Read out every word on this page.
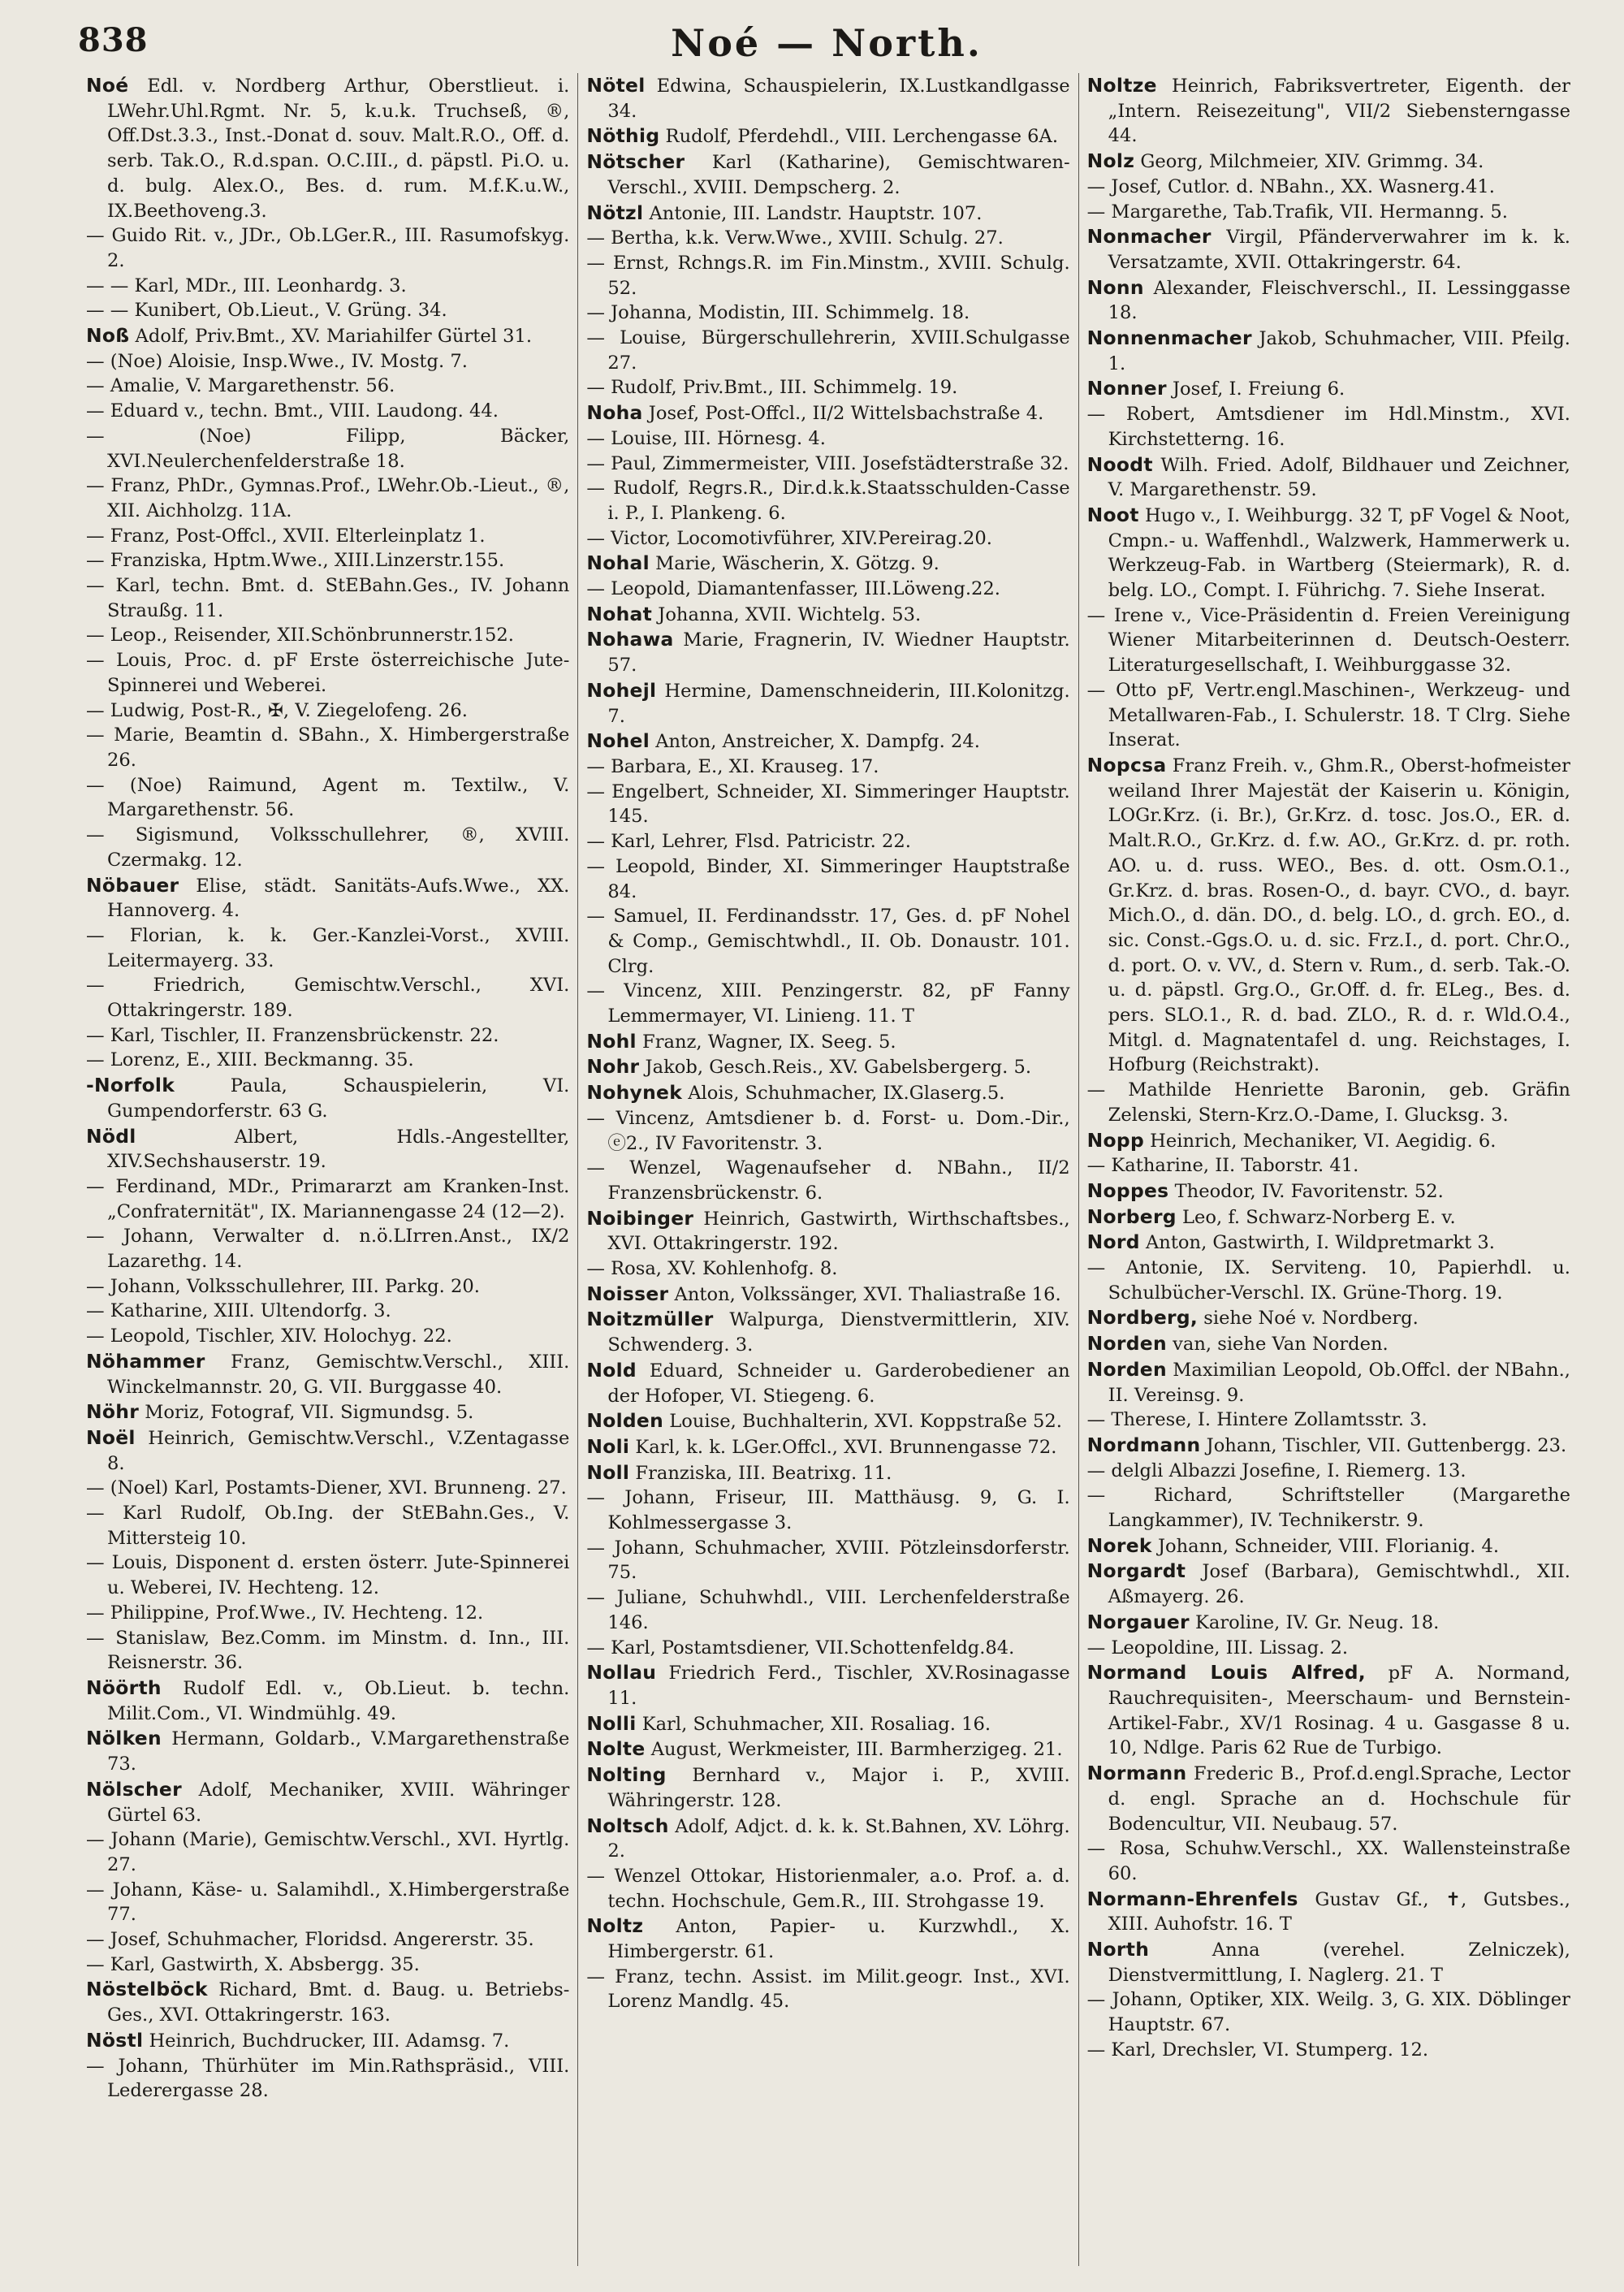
838	Noé — North.

Noé Edl. v. Nordberg Arthur, Oberstlieut. i. LWehr.Uhl.Rgmt. Nr. 5, k.u.k. Truchseß, ®, Off.Dst.3.3., Inst.-Donat d. souv. Malt.R.O., Off. d. serb. Tak.O., R.d.span. O.C.III., d. päpstl. Pi.O. u. d. bulg. Alex.O., Bes. d. rum. M.f.K.u.W., IX.Beethoveng.3.

— Guido Rit. v., JDr., Ob.LGer.R., III. Rasumofskyg. 2.

— — Karl, MDr., III. Leonhardg. 3.

— — Kunibert, Ob.Lieut., V. Grüng. 34.

Noß Adolf, Priv.Bmt., XV. Mariahilfer Gürtel 31.

— (Noe) Aloisie, Insp.Wwe., IV. Mostg. 7.

— Amalie, V. Margarethenstr. 56.

— Eduard v., techn. Bmt., VIII. Laudong. 44.

— (Noe) Filipp, Bäcker, XVI.Neulerchenfelderstraße 18.

— Franz, PhDr., Gymnas.Prof., LWehr.Ob.-Lieut., ®, XII. Aichholzg. 11A.

— Franz, Post-Offcl., XVII. Elterleinplatz 1.

— Franziska, Hptm.Wwe., XIII.Linzerstr.155.

— Karl, techn. Bmt. d. StEBahn.Ges., IV. Johann Straußg. 11.

— Leop., Reisender, XII.Schönbrunnerstr.152.

— Louis, Proc. d. pF Erste österreichische Jute-Spinnerei und Weberei.

— Ludwig, Post-R., ✠, V. Ziegelofeng. 26.

— Marie, Beamtin d. SBahn., X. Himbergerstraße 26.

— (Noe) Raimund, Agent m. Textilw., V. Margarethenstr. 56.

— Sigismund, Volksschullehrer, ®, XVIII. Czermakg. 12.

Nöbauer Elise, städt. Sanitäts-Aufs.Wwe., XX. Hannoverg. 4.

— Florian, k. k. Ger.-Kanzlei-Vorst., XVIII. Leitermayerg. 33.

— Friedrich, Gemischtw.Verschl., XVI. Ottakringerstr. 189.

— Karl, Tischler, II. Franzensbrückenstr. 22.

— Lorenz, E., XIII. Beckmanng. 35.

-Norfolk Paula, Schauspielerin, VI. Gumpendorferstr. 63 G.

Nödl Albert, Hdls.-Angestellter, XIV.Sechshauserstr. 19.

— Ferdinand, MDr., Primararzt am Kranken-Inst. „Confraternität", IX. Mariannengasse 24 (12—2).

— Johann, Verwalter d. n.ö.LIrren.Anst., IX/2 Lazarethg. 14.

— Johann, Volksschullehrer, III. Parkg. 20.

— Katharine, XIII. Ultendorfg. 3.

— Leopold, Tischler, XIV. Holochyg. 22.

Nöhammer Franz, Gemischtw.Verschl., XIII. Winckelmannstr. 20, G. VII. Burggasse 40.

Nöhr Moriz, Fotograf, VII. Sigmundsg. 5.

Noël Heinrich, Gemischtw.Verschl., V.Zentagasse 8.

— (Noel) Karl, Postamts-Diener, XVI. Brunneng. 27.

— Karl Rudolf, Ob.Ing. der StEBahn.Ges., V. Mittersteig 10.

— Louis, Disponent d. ersten österr. Jute-Spinnerei u. Weberei, IV. Hechteng. 12.

— Philippine, Prof.Wwe., IV. Hechteng. 12.

— Stanislaw, Bez.Comm. im Minstm. d. Inn., III. Reisnerstr. 36.

Nöörth Rudolf Edl. v., Ob.Lieut. b. techn. Milit.Com., VI. Windmühlg. 49.

Nölken Hermann, Goldarb., V.Margarethenstraße 73.

Nölscher Adolf, Mechaniker, XVIII. Währinger Gürtel 63.

— Johann (Marie), Gemischtw.Verschl., XVI. Hyrtlg. 27.

— Johann, Käse- u. Salamihdl., X.Himbergerstraße 77.

— Josef, Schuhmacher, Floridsd. Angererstr. 35.

— Karl, Gastwirth, X. Absbergg. 35.

Nöstelböck Richard, Bmt. d. Baug. u. Betriebs-Ges., XVI. Ottakringerstr. 163.

Nöstl Heinrich, Buchdrucker, III. Adamsg. 7.

— Johann, Thürhüter im Min.Rathspräsid., VIII. Lederergasse 28.

Nötel Edwina, Schauspielerin, IX.Lustkandlgasse 34.

Nöthig Rudolf, Pferdehdl., VIII. Lerchengasse 6A.

Nötscher Karl (Katharine), Gemischtwaren-Verschl., XVIII. Dempscherg. 2.

Nötzl Antonie, III. Landstr. Hauptstr. 107.

— Bertha, k.k. Verw.Wwe., XVIII. Schulg. 27.

— Ernst, Rchngs.R. im Fin.Minstm., XVIII. Schulg. 52.

— Johanna, Modistin, III. Schimmelg. 18.

— Louise, Bürgerschullehrerin, XVIII.Schulgasse 27.

— Rudolf, Priv.Bmt., III. Schimmelg. 19.

Noha Josef, Post-Offcl., II/2 Wittelsbachstraße 4.

— Louise, III. Hörnesg. 4.

— Paul, Zimmermeister, VIII. Josefstädterstraße 32.

— Rudolf, Regrs.R., Dir.d.k.k.Staatsschulden-Casse i. P., I. Plankeng. 6.

— Victor, Locomotivführer, XIV.Pereirag.20.

Nohal Marie, Wäscherin, X. Götzg. 9.

— Leopold, Diamantenfasser, III.Löweng.22.

Nohat Johanna, XVII. Wichtelg. 53.

Nohawa Marie, Fragnerin, IV. Wiedner Hauptstr. 57.

Nohejl Hermine, Damenschneiderin, III.Kolonitzg. 7.

Nohel Anton, Anstreicher, X. Dampfg. 24.

— Barbara, E., XI. Krauseg. 17.

— Engelbert, Schneider, XI. Simmeringer Hauptstr. 145.

— Karl, Lehrer, Flsd. Patricistr. 22.

— Leopold, Binder, XI. Simmeringer Hauptstraße 84.

— Samuel, II. Ferdinandsstr. 17, Ges. d. pF Nohel & Comp., Gemischtwhdl., II. Ob. Donaustr. 101. Clrg.

— Vincenz, XIII. Penzingerstr. 82, pF Fanny Lemmermayer, VI. Linieng. 11. T

Nohl Franz, Wagner, IX. Seeg. 5.

Nohr Jakob, Gesch.Reis., XV. Gabelsbergerg. 5.

Nohynek Alois, Schuhmacher, IX.Glaserg.5.

— Vincenz, Amtsdiener b. d. Forst- u. Dom.-Dir., ⓔ2., IV Favoritenstr. 3.

— Wenzel, Wagenaufseher d. NBahn., II/2 Franzensbrückenstr. 6.

Noibinger Heinrich, Gastwirth, Wirthschaftsbes., XVI. Ottakringerstr. 192.

— Rosa, XV. Kohlenhofg. 8.

Noisser Anton, Volkssänger, XVI. Thaliastraße 16.

Noitzmüller Walpurga, Dienstvermittlerin, XIV. Schwenderg. 3.

Nold Eduard, Schneider u. Garderobediener an der Hofoper, VI. Stiegeng. 6.

Nolden Louise, Buchhalterin, XVI. Koppstraße 52.

Noli Karl, k. k. LGer.Offcl., XVI. Brunnengasse 72.

Noll Franziska, III. Beatrixg. 11.

— Johann, Friseur, III. Matthäusg. 9, G. I. Kohlmessergasse 3.

— Johann, Schuhmacher, XVIII. Pötzleinsdorferstr. 75.

— Juliane, Schuhwhdl., VIII. Lerchenfelderstraße 146.

— Karl, Postamtsdiener, VII.Schottenfeldg.84.

Nollau Friedrich Ferd., Tischler, XV.Rosinagasse 11.

Nolli Karl, Schuhmacher, XII. Rosaliag. 16.

Nolte August, Werkmeister, III. Barmherzigeg. 21.

Nolting Bernhard v., Major i. P., XVIII. Währingerstr. 128.

Noltsch Adolf, Adjct. d. k. k. St.Bahnen, XV. Löhrg. 2.

— Wenzel Ottokar, Historienmaler, a.o. Prof. a. d. techn. Hochschule, Gem.R., III. Strohgasse 19.

Noltz Anton, Papier- u. Kurzwhdl., X. Himbergerstr. 61.

— Franz, techn. Assist. im Milit.geogr. Inst., XVI. Lorenz Mandlg. 45.

Noltze Heinrich, Fabriksvertreter, Eigenth. der „Intern. Reisezeitung", VII/2 Siebensterngasse 44.

Nolz Georg, Milchmeier, XIV. Grimmg. 34.

— Josef, Cutlor. d. NBahn., XX. Wasnerg.41.

— Margarethe, Tab.Trafik, VII. Hermanng. 5.

Nonmacher Virgil, Pfänderverwahrer im k. k. Versatzamte, XVII. Ottakringerstr. 64.

Nonn Alexander, Fleischverschl., II. Lessinggasse 18.

Nonnenmacher Jakob, Schuhmacher, VIII. Pfeilg. 1.

Nonner Josef, I. Freiung 6.

— Robert, Amtsdiener im Hdl.Minstm., XVI. Kirchstetterng. 16.

Noodt Wilh. Fried. Adolf, Bildhauer und Zeichner, V. Margarethenstr. 59.

Noot Hugo v., I. Weihburgg. 32 T, pF Vogel & Noot, Cmpn.- u. Waffenhdl., Walzwerk, Hammerwerk u. Werkzeug-Fab. in Wartberg (Steiermark), R. d. belg. LO., Compt. I. Führichg. 7. Siehe Inserat.

— Irene v., Vice-Präsidentin d. Freien Vereinigung Wiener Mitarbeiterinnen d. Deutsch-Oesterr. Literaturgesellschaft, I. Weihburggasse 32.

— Otto pF, Vertr.engl.Maschinen-, Werkzeug- und Metallwaren-Fab., I. Schulerstr. 18. T Clrg. Siehe Inserat.

Nopcsa Franz Freih. v., Ghm.R., Oberst-hofmeister weiland Ihrer Majestät der Kaiserin u. Königin, LOGr.Krz. (i. Br.), Gr.Krz. d. tosc. Jos.O., ER. d. Malt.R.O., Gr.Krz. d. f.w. AO., Gr.Krz. d. pr. roth. AO. u. d. russ. WEO., Bes. d. ott. Osm.O.1., Gr.Krz. d. bras. Rosen-O., d. bayr. CVO., d. bayr. Mich.O., d. dän. DO., d. belg. LO., d. grch. EO., d. sic. Const.-Ggs.O. u. d. sic. Frz.I., d. port. Chr.O., d. port. O. v. VV., d. Stern v. Rum., d. serb. Tak.-O. u. d. päpstl. Grg.O., Gr.Off. d. fr. ELeg., Bes. d. pers. SLO.1., R. d. bad. ZLO., R. d. r. Wld.O.4., Mitgl. d. Magnatentafel d. ung. Reichstages, I. Hofburg (Reichstrakt).

— Mathilde Henriette Baronin, geb. Gräfin Zelenski, Stern-Krz.O.-Dame, I. Glucksg. 3.

Nopp Heinrich, Mechaniker, VI. Aegidig. 6.

— Katharine, II. Taborstr. 41.

Noppes Theodor, IV. Favoritenstr. 52.

Norberg Leo, f. Schwarz-Norberg E. v.

Nord Anton, Gastwirth, I. Wildpretmarkt 3.

— Antonie, IX. Serviteng. 10, Papierhdl. u. Schulbücher-Verschl. IX. Grüne-Thorg. 19.

Nordberg, siehe Noé v. Nordberg.

Norden van, siehe Van Norden.

Norden Maximilian Leopold, Ob.Offcl. der NBahn., II. Vereinsg. 9.

— Therese, I. Hintere Zollamtsstr. 3.

Nordmann Johann, Tischler, VII. Guttenbergg. 23.

— delgli Albazzi Josefine, I. Riemerg. 13.

— Richard, Schriftsteller (Margarethe Langkammer), IV. Technikerstr. 9.

Norek Johann, Schneider, VIII. Florianig. 4.

Norgardt Josef (Barbara), Gemischtwhdl., XII. Aßmayerg. 26.

Norgauer Karoline, IV. Gr. Neug. 18.

— Leopoldine, III. Lissag. 2.

Normand Louis Alfred, pF A. Normand, Rauchrequisiten-, Meerschaum- und Bernstein-Artikel-Fabr., XV/1 Rosinag. 4 u. Gasgasse 8 u. 10, Ndlge. Paris 62 Rue de Turbigo.

Normann Frederic B., Prof.d.engl.Sprache, Lector d. engl. Sprache an d. Hochschule für Bodencultur, VII. Neubaug. 57.

— Rosa, Schuhw.Verschl., XX. Wallensteinstraße 60.

Normann-Ehrenfels Gustav Gf., ✝, Gutsbes., XIII. Auhofstr. 16. T

North Anna (verehel. Zelniczek), Dienstvermittlung, I. Naglerg. 21. T

— Johann, Optiker, XIX. Weilg. 3, G. XIX. Döblinger Hauptstr. 67.

— Karl, Drechsler, VI. Stumperg. 12.
